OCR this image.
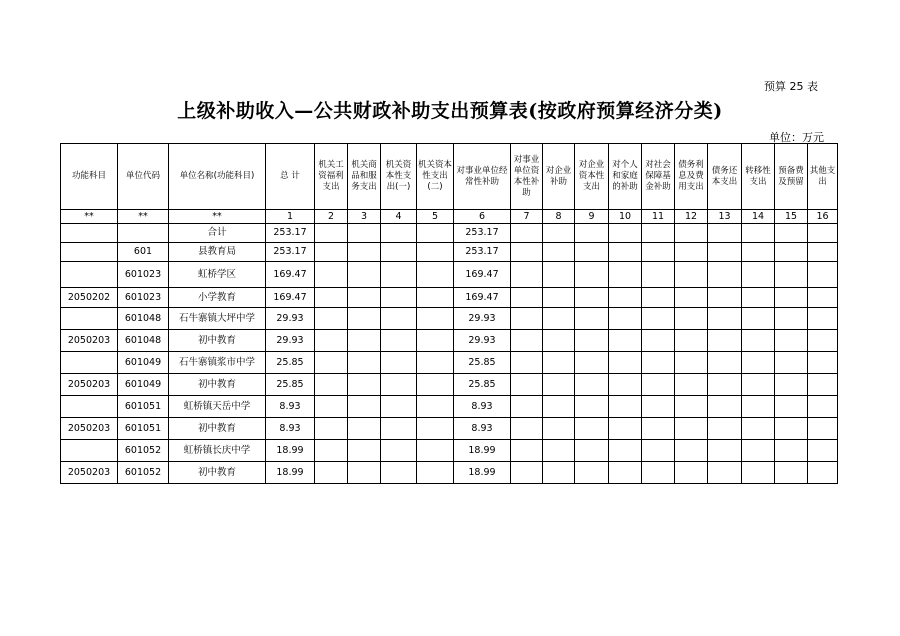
预算 25 表
上级补助收入—公共财政补助支出预算表(按政府预算经济分类)
单位：万元
功能科目	单位代码	单位名称(功能科目)	总 计	机关工资福利支出	机关商品和服务支出	机关资本性支出(一)	机关资本性支出(二)	对事业单位经常性补助	对事业单位资本性补助	对企业补助	对企业资本性支出	对个人和家庭的补助	对社会保障基金补助	债务利息及费用支出	债务还本支出	转移性支出	预备费及预留	其他支出

**	**	**	1	2	3	4	5	6	7	8	9	10	11	12	13	14	15	16
		合计	253.17					253.17										
	601	县教育局	253.17					253.17										
	601023	虹桥学区	169.47					169.47										
2050202	601023	小学教育	169.47					169.47										
	601048	石牛寨镇大坪中学	29.93					29.93										
2050203	601048	初中教育	29.93					29.93										
	601049	石牛寨镇浆市中学	25.85					25.85										
2050203	601049	初中教育	25.85					25.85										
	601051	虹桥镇天岳中学	8.93					8.93										
2050203	601051	初中教育	8.93					8.93										
	601052	虹桥镇长庆中学	18.99					18.99										
2050203	601052	初中教育	18.99					18.99										
